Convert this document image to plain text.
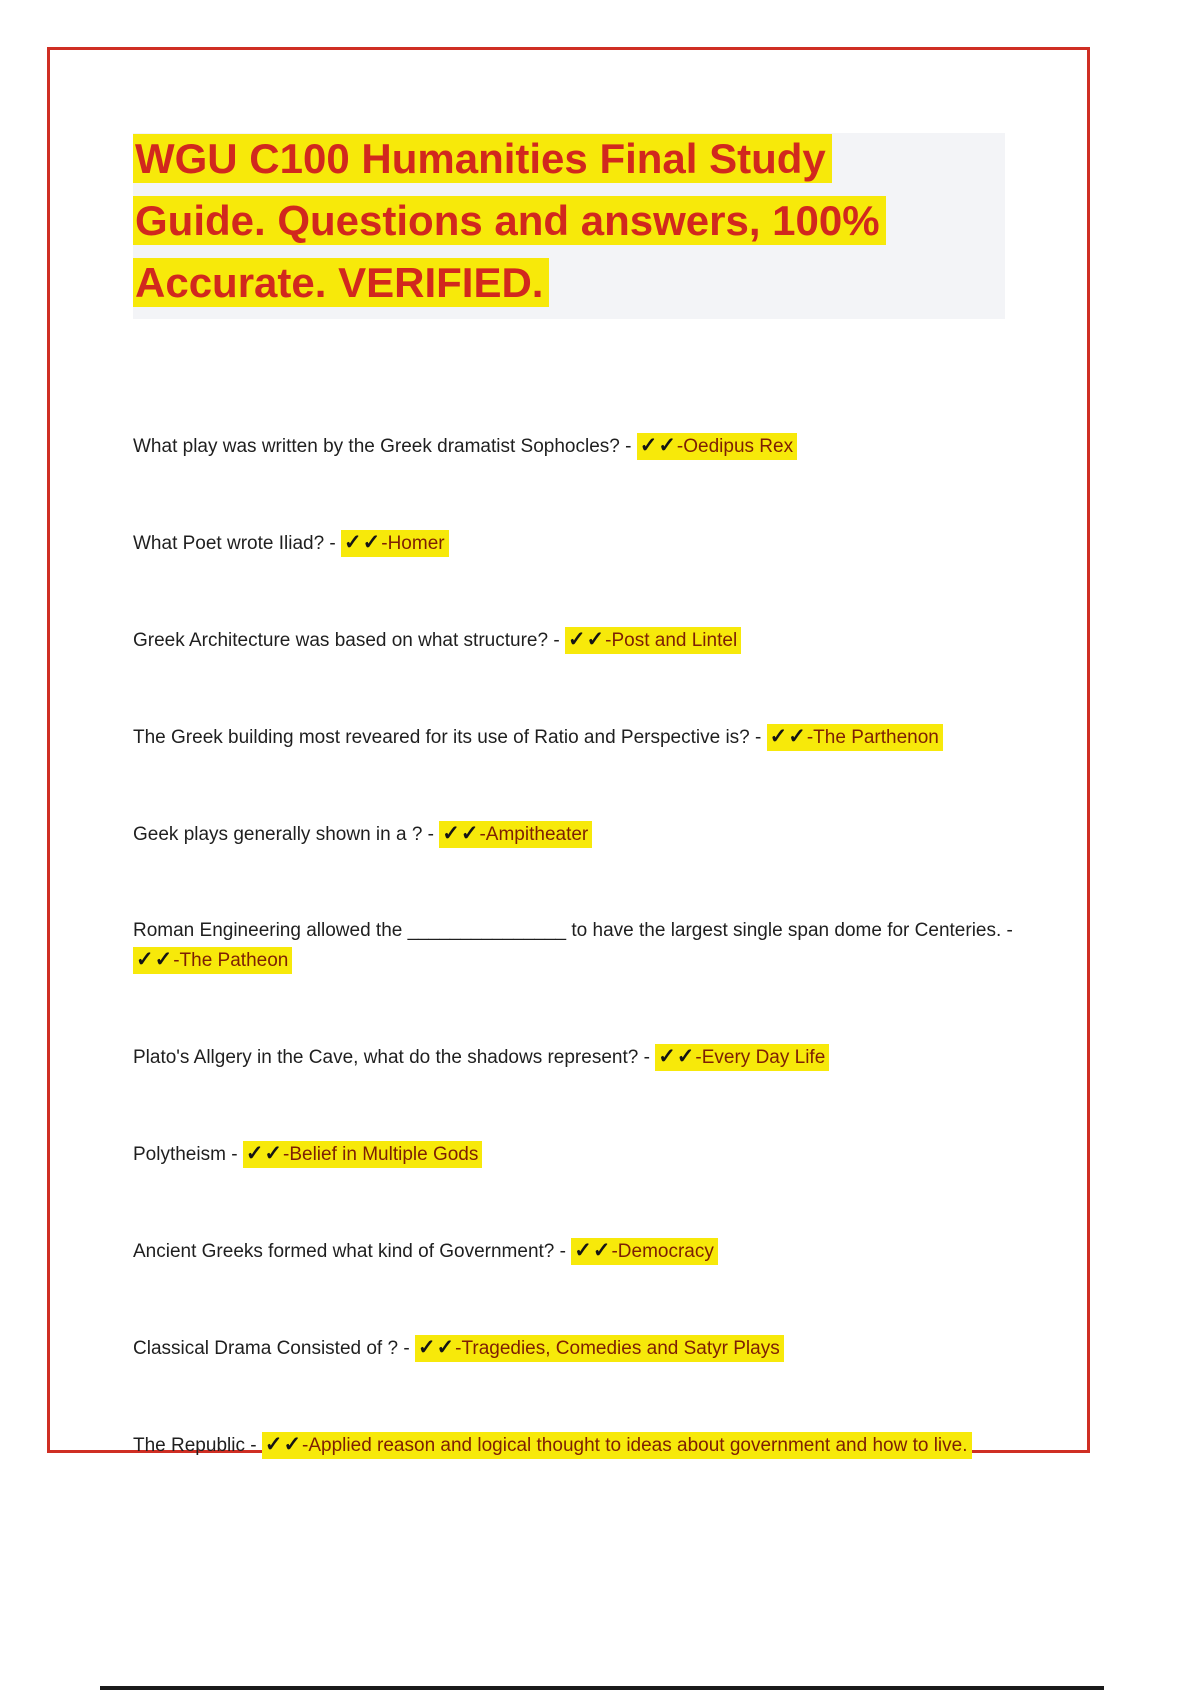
WGU C100 Humanities Final Study
Guide. Questions and answers, 100%
Accurate. VERIFIED.

What play was written by the Greek dramatist Sophocles? - ✓✓-Oedipus Rex

What Poet wrote Iliad? - ✓✓-Homer

Greek Architecture was based on what structure? - ✓✓-Post and Lintel

The Greek building most reveared for its use of Ratio and Perspective is? - ✓✓-The Parthenon

Geek plays generally shown in a ? - ✓✓-Ampitheater

Roman Engineering allowed the _______________ to have the largest single span dome for Centeries. -
✓✓-The Patheon

Plato's Allgery in the Cave, what do the shadows represent? - ✓✓-Every Day Life

Polytheism - ✓✓-Belief in Multiple Gods

Ancient Greeks formed what kind of Government? - ✓✓-Democracy

Classical Drama Consisted of ? - ✓✓-Tragedies, Comedies and Satyr Plays

The Republic - ✓✓-Applied reason and logical thought to ideas about government and how to live.
